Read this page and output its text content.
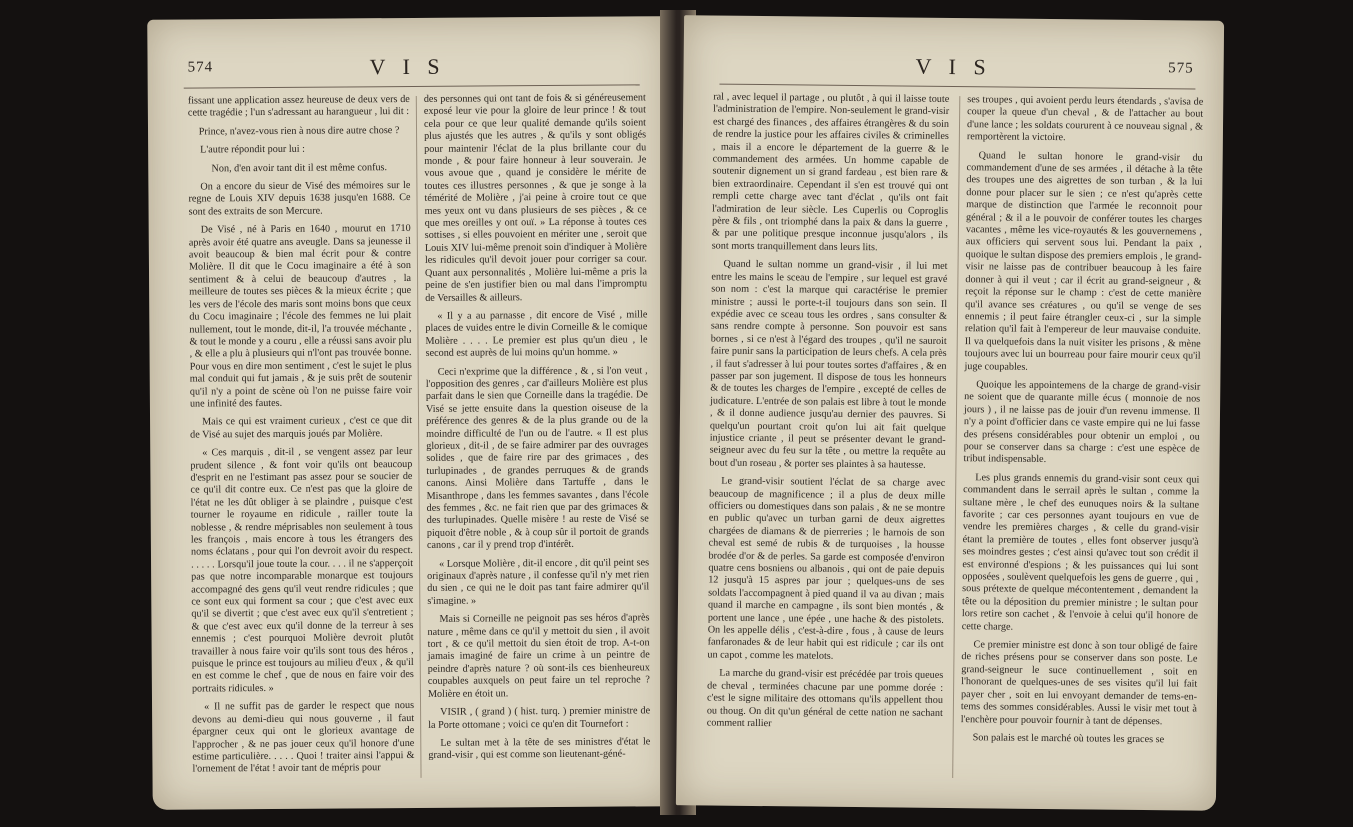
574	V I S

fissant une application assez heureuse de deux vers de cette tragédie ; l'un s'adressant au harangueur , lui dit :

Prince, n'avez-vous rien à nous dire autre chose ?

L'autre répondit pour lui :

Non, d'en avoir tant dit il est même confus.

On a encore du sieur de Visé des mémoires sur le regne de Louis XIV depuis 1638 jusqu'en 1688. Ce sont des extraits de son Mercure.

De Visé , né à Paris en 1640 , mourut en 1710 après avoir été quatre ans aveugle. Dans sa jeunesse il avoit beaucoup & bien mal écrit pour & contre Molière. Il dit que le Cocu imaginaire a été à son sentiment & à celui de beaucoup d'autres , la meilleure de toutes ses pièces & la mieux écrite ; que les vers de l'école des maris sont moins bons que ceux du Cocu imaginaire ; l'école des femmes ne lui plait nullement, tout le monde, dit-il, l'a trouvée méchante , & tout le monde y a couru , elle a réussi sans avoir plu , & elle a plu à plusieurs qui n'l'ont pas trouvée bonne. Pour vous en dire mon sentiment , c'est le sujet le plus mal conduit qui fut jamais , & je suis prêt de soutenir qu'il n'y a point de scène où l'on ne puisse faire voir une infinité des fautes.

Mais ce qui est vraiment curieux , c'est ce que dit de Visé au sujet des marquis joués par Molière.

« Ces marquis , dit-il , se vengent assez par leur prudent silence , & font voir qu'ils ont beaucoup d'esprit en ne l'estimant pas assez pour se soucier de ce qu'il dit contre eux. Ce n'est pas que la gloire de l'état ne les dût obliger à se plaindre , puisque c'est tourner le royaume en ridicule , railler toute la noblesse , & rendre méprisables non seulement à tous les françois , mais encore à tous les étrangers des noms éclatans , pour qui l'on devroit avoir du respect. . . . . . Lorsqu'il joue toute la cour. . . . il ne s'apperçoit pas que notre incomparable monarque est toujours accompagné des gens qu'il veut rendre ridicules ; que ce sont eux qui forment sa cour ; que c'est avec eux qu'il se divertit ; que c'est avec eux qu'il s'entretient ; & que c'est avec eux qu'il donne de la terreur à ses ennemis ; c'est pourquoi Molière devroit plutôt travailler à nous faire voir qu'ils sont tous des héros , puisque le prince est toujours au milieu d'eux , & qu'il en est comme le chef , que de nous en faire voir des portraits ridicules. »

« Il ne suffit pas de garder le respect que nous devons au demi-dieu qui nous gouverne , il faut épargner ceux qui ont le glorieux avantage de l'approcher , & ne pas jouer ceux qu'il honore d'une estime particulière. . . . . Quoi ! traiter ainsi l'appui & l'ornement de l'état ! avoir tant de mépris pour

des personnes qui ont tant de fois & si généreusement exposé leur vie pour la gloire de leur prince ! & tout cela pour ce que leur qualité demande qu'ils soient plus ajustés que les autres , & qu'ils y sont obligés pour maintenir l'éclat de la plus brillante cour du monde , & pour faire honneur à leur souverain. Je vous avoue que , quand je considère le mérite de toutes ces illustres personnes , & que je songe à la témérité de Molière , j'ai peine à croire tout ce que mes yeux ont vu dans plusieurs de ses pièces , & ce que mes oreilles y ont ouï. » La réponse à toutes ces sottises , si elles pouvoient en mériter une , seroit que Louis XIV lui-même prenoit soin d'indiquer à Molière les ridicules qu'il devoit jouer pour corriger sa cour. Quant aux personnalités , Molière lui-même a pris la peine de s'en justifier bien ou mal dans l'impromptu de Versailles & ailleurs.

« Il y a au parnasse , dit encore de Visé , mille places de vuides entre le divin Corneille & le comique Molière . . . . Le premier est plus qu'un dieu , le second est auprès de lui moins qu'un homme. »

Ceci n'exprime que la différence , & , si l'on veut , l'opposition des genres , car d'ailleurs Molière est plus parfait dans le sien que Corneille dans la tragédie. De Visé se jette ensuite dans la question oiseuse de la préférence des genres & de la plus grande ou de la moindre difficulté de l'un ou de l'autre. « Il est plus glorieux , dit-il , de se faire admirer par des ouvrages solides , que de faire rire par des grimaces , des turlupinades , de grandes perruques & de grands canons. Ainsi Molière dans Tartuffe , dans le Misanthrope , dans les femmes savantes , dans l'école des femmes , &c. ne fait rien que par des grimaces & des turlupinades. Quelle misère ! au reste de Visé se piquoit d'être noble , & à coup sûr il portoit de grands canons , car il y prend trop d'intérêt.

« Lorsque Molière , dit-il encore , dit qu'il peint ses originaux d'après nature , il confesse qu'il n'y met rien du sien , ce qui ne le doit pas tant faire admirer qu'il s'imagine. »

Mais si Corneille ne peignoit pas ses héros d'après nature , même dans ce qu'il y mettoit du sien , il avoit tort , & ce qu'il mettoit du sien étoit de trop. A-t-on jamais imaginé de faire un crime à un peintre de peindre d'après nature ? où sont-ils ces bienheureux coupables auxquels on peut faire un tel reproche ? Molière en étoit un.

VISIR , ( grand ) ( hist. turq. ) premier ministre de la Porte ottomane ; voici ce qu'en dit Tournefort :

Le sultan met à la tête de ses ministres d'état le grand-visir , qui est comme son lieutenant-géné-

V I S	575

ral , avec lequel il partage , ou plutôt , à qui il laisse toute l'administration de l'empire. Non-seulement le grand-visir est chargé des finances , des affaires étrangères & du soin de rendre la justice pour les affaires civiles & criminelles , mais il a encore le département de la guerre & le commandement des armées. Un homme capable de soutenir dignement un si grand fardeau , est bien rare & bien extraordinaire. Cependant il s'en est trouvé qui ont rempli cette charge avec tant d'éclat , qu'ils ont fait l'admiration de leur siècle. Les Cuperlis ou Coproglis père & fils , ont triomphé dans la paix & dans la guerre , & par une politique presque inconnue jusqu'alors , ils sont morts tranquillement dans leurs lits.

Quand le sultan nomme un grand-visir , il lui met entre les mains le sceau de l'empire , sur lequel est gravé son nom : c'est la marque qui caractérise le premier ministre ; aussi le porte-t-il toujours dans son sein. Il expédie avec ce sceau tous les ordres , sans consulter & sans rendre compte à personne. Son pouvoir est sans bornes , si ce n'est à l'égard des troupes , qu'il ne sauroit faire punir sans la participation de leurs chefs. A cela près , il faut s'adresser à lui pour toutes sortes d'affaires , & en passer par son jugement. Il dispose de tous les honneurs & de toutes les charges de l'empire , excepté de celles de judicature. L'entrée de son palais est libre à tout le monde , & il donne audience jusqu'au dernier des pauvres. Si quelqu'un pourtant croit qu'on lui ait fait quelque injustice criante , il peut se présenter devant le grand-seigneur avec du feu sur la tête , ou mettre la requête au bout d'un roseau , & porter ses plaintes à sa hautesse.

Le grand-visir soutient l'éclat de sa charge avec beaucoup de magnificence ; il a plus de deux mille officiers ou domestiques dans son palais , & ne se montre en public qu'avec un turban garni de deux aigrettes chargées de diamans & de pierreries ; le harnois de son cheval est semé de rubis & de turquoises , la housse brodée d'or & de perles. Sa garde est composée d'environ quatre cens bosniens ou albanois , qui ont de paie depuis 12 jusqu'à 15 aspres par jour ; quelques-uns de ses soldats l'accompagnent à pied quand il va au divan ; mais quand il marche en campagne , ils sont bien montés , & portent une lance , une épée , une hache & des pistolets. On les appelle délis , c'est-à-dire , fous , à cause de leurs fanfaronades & de leur habit qui est ridicule ; car ils ont un capot , comme les matelots.

La marche du grand-visir est précédée par trois queues de cheval , terminées chacune par une pomme dorée : c'est le signe militaire des ottomans qu'ils appellent thou ou thoug. On dit qu'un général de cette nation ne sachant comment rallier

ses troupes , qui avoient perdu leurs étendards , s'avisa de couper la queue d'un cheval , & de l'attacher au bout d'une lance ; les soldats coururent à ce nouveau signal , & remportèrent la victoire.

Quand le sultan honore le grand-visir du commandement d'une de ses armées , il détache à la tête des troupes une des aigrettes de son turban , & la lui donne pour placer sur le sien ; ce n'est qu'après cette marque de distinction que l'armée le reconnoit pour général ; & il a le pouvoir de conférer toutes les charges vacantes , même les vice-royautés & les gouvernemens , aux officiers qui servent sous lui. Pendant la paix , quoique le sultan dispose des premiers emplois , le grand-visir ne laisse pas de contribuer beaucoup à les faire donner à qui il veut ; car il écrit au grand-seigneur , & reçoit la réponse sur le champ : c'est de cette manière qu'il avance ses créatures , ou qu'il se venge de ses ennemis ; il peut faire étrangler ceux-ci , sur la simple relation qu'il fait à l'empereur de leur mauvaise conduite. Il va quelquefois dans la nuit visiter les prisons , & mène toujours avec lui un bourreau pour faire mourir ceux qu'il juge coupables.

Quoique les appointemens de la charge de grand-visir ne soient que de quarante mille écus ( monnoie de nos jours ) , il ne laisse pas de jouir d'un revenu immense. Il n'y a point d'officier dans ce vaste empire qui ne lui fasse des présens considérables pour obtenir un emploi , ou pour se conserver dans sa charge : c'est une espèce de tribut indispensable.

Les plus grands ennemis du grand-visir sont ceux qui commandent dans le serrail après le sultan , comme la sultane mère , le chef des eunuques noirs & la sultane favorite ; car ces personnes ayant toujours en vue de vendre les premières charges , & celle du grand-visir étant la première de toutes , elles font observer jusqu'à ses moindres gestes ; c'est ainsi qu'avec tout son crédit il est environné d'espions ; & les puissances qui lui sont opposées , soulèvent quelquefois les gens de guerre , qui , sous prétexte de quelque mécontentement , demandent la tête ou la déposition du premier ministre ; le sultan pour lors retire son cachet , & l'envoie à celui qu'il honore de cette charge.

Ce premier ministre est donc à son tour obligé de faire de riches présens pour se conserver dans son poste. Le grand-seigneur le suce continuellement , soit en l'honorant de quelques-unes de ses visites qu'il lui fait payer cher , soit en lui envoyant demander de tems-en-tems des sommes considérables. Aussi le visir met tout à l'enchère pour pouvoir fournir à tant de dépenses.

Son palais est le marché où toutes les graces se
